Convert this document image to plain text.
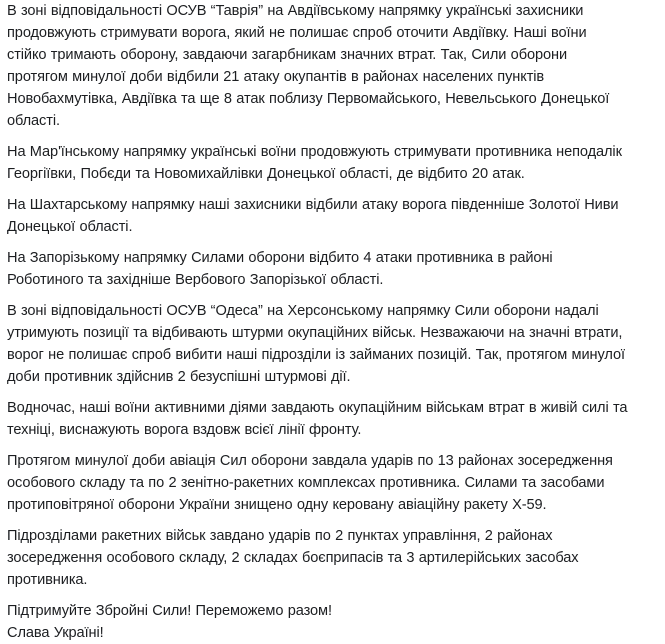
В зоні відповідальності ОСУВ “Таврія” на Авдіївському напрямку українські захисники
продовжують стримувати ворога, який не полишає спроб оточити Авдіївку. Наші воїни
стійко тримають оборону, завдаючи загарбникам значних втрат. Так, Сили оборони
протягом минулої доби відбили 21 атаку окупантів в районах населених пунктів
Новобахмутівка, Авдіївка та ще 8 атак поблизу Первомайського, Невельського Донецької
області.

На Мар'їнському напрямку українські воїни продовжують стримувати противника неподалік
Георгіївки, Побєди та Новомихайлівки Донецької області, де відбито 20 атак.

На Шахтарському напрямку наші захисники відбили атаку ворога південніше Золотої Ниви
Донецької області.

На Запорізькому напрямку Силами оборони відбито 4 атаки противника в районі
Роботиного та західніше Вербового Запорізької області.

В зоні відповідальності ОСУВ “Одеса” на Херсонському напрямку Сили оборони надалі
утримують позиції та відбивають штурми окупаційних військ. Незважаючи на значні втрати,
ворог не полишає спроб вибити наші підрозділи із займаних позицій. Так, протягом минулої
доби противник здійснив 2 безуспішні штурмові дії.

Водночас, наші воїни активними діями завдають окупаційним військам втрат в живій силі та
техніці, виснажують ворога вздовж всієї лінії фронту.

Протягом минулої доби авіація Сил оборони завдала ударів по 13 районах зосередження
особового складу та по 2 зенітно-ракетних комплексах противника. Силами та засобами
протиповітряної оборони України знищено одну керовану авіаційну ракету Х-59.

Підрозділами ракетних військ завдано ударів по 2 пунктах управління, 2 районах
зосередження особового складу, 2 складах боєприпасів та 3 артилерійських засобах
противника.

Підтримуйте Збройні Сили! Переможемо разом!
Слава Україні!
